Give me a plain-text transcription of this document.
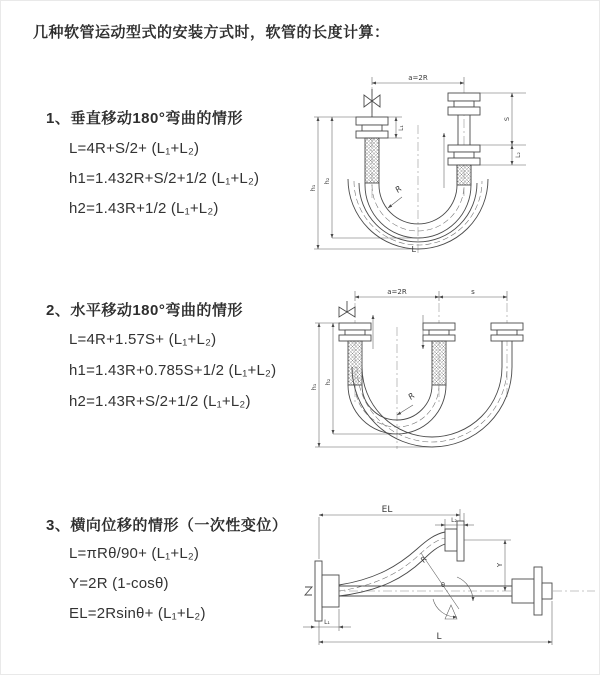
几种软管运动型式的安装方式时，软管的长度计算：
1、垂直移动180°弯曲的情形
L=4R+S/2+ (L₁+L₂)
h1=1.432R+S/2+1/2 (L₁+L₂)
h2=1.43R+1/2 (L₁+L₂)
2、水平移动180°弯曲的情形
L=4R+1.57S+ (L₁+L₂)
h1=1.43R+0.785S+1/2 (L₁+L₂)
h2=1.43R+S/2+1/2 (L₁+L₂)
3、横向位移的情形（一次性变位）
L=πRθ/90+ (L₁+L₂)
Y=2R (1-cosθ)
EL=2Rsinθ+ (L₁+L₂)
a=2R
h₁
h₂
L₁
S
L₂
R
L
a=2R	s
h₁
h₂
R
θ
R
EL
L₂
Y
L
L₁
